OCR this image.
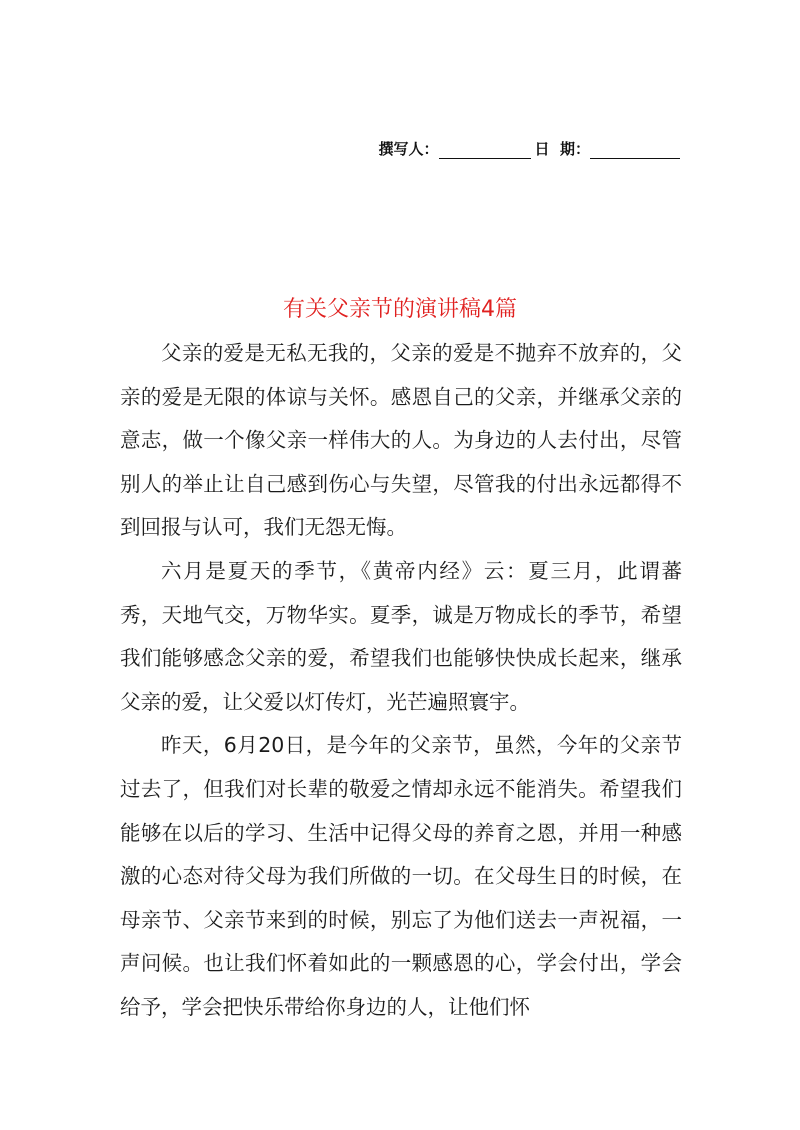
撰写人：	日  期：
有关父亲节的演讲稿4篇

父亲的爱是无私无我的，父亲的爱是不抛弃不放弃的，父亲的爱是无限的体谅与关怀。感恩自己的父亲，并继承父亲的意志，做一个像父亲一样伟大的人。为身边的人去付出，尽管别人的举止让自己感到伤心与失望，尽管我的付出永远都得不到回报与认可，我们无怨无悔。

六月是夏天的季节，《黄帝内经》云：夏三月，此谓蕃秀，天地气交，万物华实。夏季，诚是万物成长的季节，希望我们能够感念父亲的爱，希望我们也能够快快成长起来，继承父亲的爱，让父爱以灯传灯，光芒遍照寰宇。

昨天，6月20日，是今年的父亲节，虽然，今年的父亲节过去了，但我们对长辈的敬爱之情却永远不能消失。希望我们能够在以后的学习、生活中记得父母的养育之恩，并用一种感激的心态对待父母为我们所做的一切。在父母生日的时候，在母亲节、父亲节来到的时候，别忘了为他们送去一声祝福，一声问候。也让我们怀着如此的一颗感恩的心，学会付出，学会给予，学会把快乐带给你身边的人，让他们怀
